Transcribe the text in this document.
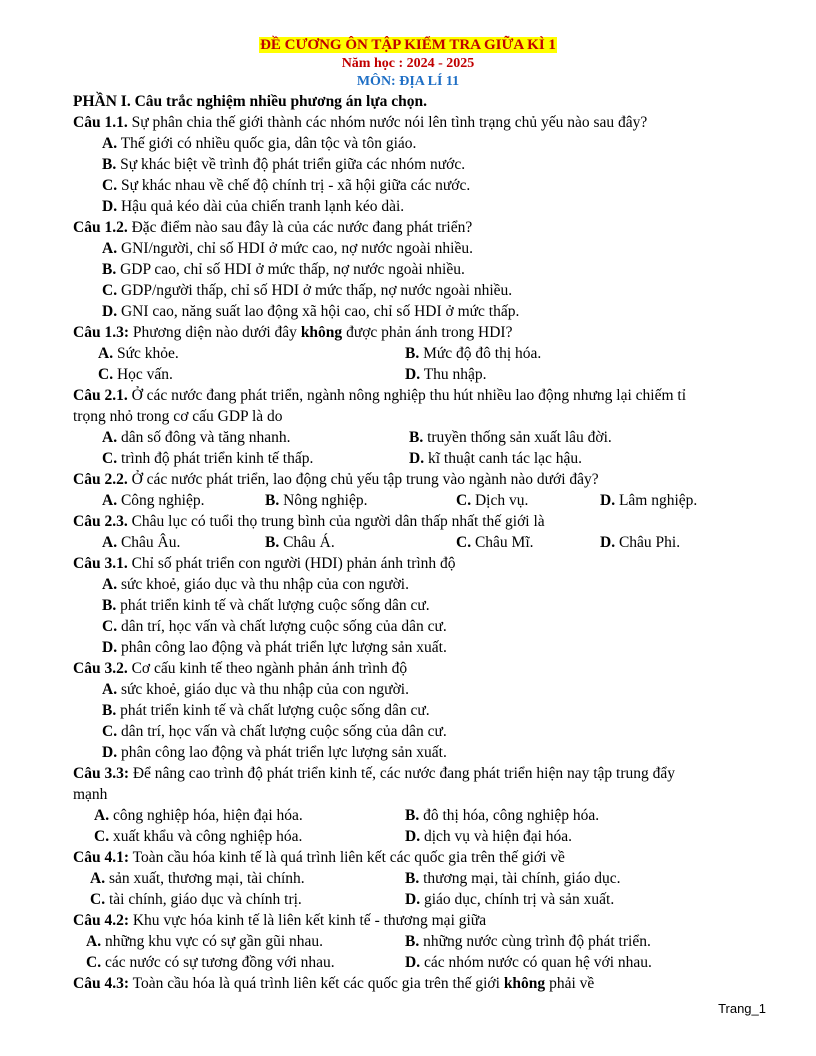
ĐỀ CƯƠNG ÔN TẬP KIỂM TRA GIỮA KÌ 1
Năm học : 2024 - 2025
MÔN: ĐỊA LÍ 11
PHẦN I. Câu trắc nghiệm nhiều phương án lựa chọn.
Câu 1.1. Sự phân chia thế giới thành các nhóm nước nói lên tình trạng chủ yếu nào sau đây?
A. Thế giới có nhiều quốc gia, dân tộc và tôn giáo.
B. Sự khác biệt về trình độ phát triển giữa các nhóm nước.
C. Sự khác nhau về chế độ chính trị - xã hội giữa các nước.
D. Hậu quả kéo dài của chiến tranh lạnh kéo dài.
Câu 1.2. Đặc điểm nào sau đây là của các nước đang phát triển?
A. GNI/người, chỉ số HDI ở mức cao, nợ nước ngoài nhiều.
B. GDP cao, chỉ số HDI ở mức thấp, nợ nước ngoài nhiều.
C. GDP/người thấp, chỉ số HDI ở mức thấp, nợ nước ngoài nhiều.
D. GNI cao, năng suất lao động xã hội cao, chỉ số HDI ở mức thấp.
Câu 1.3: Phương diện nào dưới đây không được phản ánh trong HDI?
A. Sức khỏe.	B. Mức độ đô thị hóa.
C. Học vấn.	D. Thu nhập.
Câu 2.1. Ở các nước đang phát triển, ngành nông nghiệp thu hút nhiều lao động nhưng lại chiếm tỉ
trọng nhỏ trong cơ cấu GDP là do
A. dân số đông và tăng nhanh.	B. truyền thống sản xuất lâu đời.
C. trình độ phát triển kinh tế thấp.	D. kĩ thuật canh tác lạc hậu.
Câu 2.2. Ở các nước phát triển, lao động chủ yếu tập trung vào ngành nào dưới đây?
A. Công nghiệp.	B. Nông nghiệp.	C. Dịch vụ.	D. Lâm nghiệp.
Câu 2.3. Châu lục có tuổi thọ trung bình của người dân thấp nhất thế giới là
A. Châu Âu.	B. Châu Á.	C. Châu Mĩ.	D. Châu Phi.
Câu 3.1. Chỉ số phát triển con người (HDI) phản ánh trình độ
A. sức khoẻ, giáo dục và thu nhập của con người.
B. phát triển kinh tế và chất lượng cuộc sống dân cư.
C. dân trí, học vấn và chất lượng cuộc sống của dân cư.
D. phân công lao động và phát triển lực lượng sản xuất.
Câu 3.2. Cơ cấu kinh tế theo ngành phản ánh trình độ
A. sức khoẻ, giáo dục và thu nhập của con người.
B. phát triển kinh tế và chất lượng cuộc sống dân cư.
C. dân trí, học vấn và chất lượng cuộc sống của dân cư.
D. phân công lao động và phát triển lực lượng sản xuất.
Câu 3.3: Để nâng cao trình độ phát triển kinh tế, các nước đang phát triển hiện nay tập trung đẩy
mạnh
A. công nghiệp hóa, hiện đại hóa.	B. đô thị hóa, công nghiệp hóa.
C. xuất khẩu và công nghiệp hóa.	D. dịch vụ và hiện đại hóa.
Câu 4.1: Toàn cầu hóa kinh tế là quá trình liên kết các quốc gia trên thế giới về
A. sản xuất, thương mại, tài chính.	B. thương mại, tài chính, giáo dục.
C. tài chính, giáo dục và chính trị.	D. giáo dục, chính trị và sản xuất.
Câu 4.2: Khu vực hóa kinh tế là liên kết kinh tế - thương mại giữa
A. những khu vực có sự gần gũi nhau.	B. những nước cùng trình độ phát triển.
C. các nước có sự tương đồng với nhau.	D. các nhóm nước có quan hệ với nhau.
Câu 4.3: Toàn cầu hóa là quá trình liên kết các quốc gia trên thế giới không phải về
Trang_1
